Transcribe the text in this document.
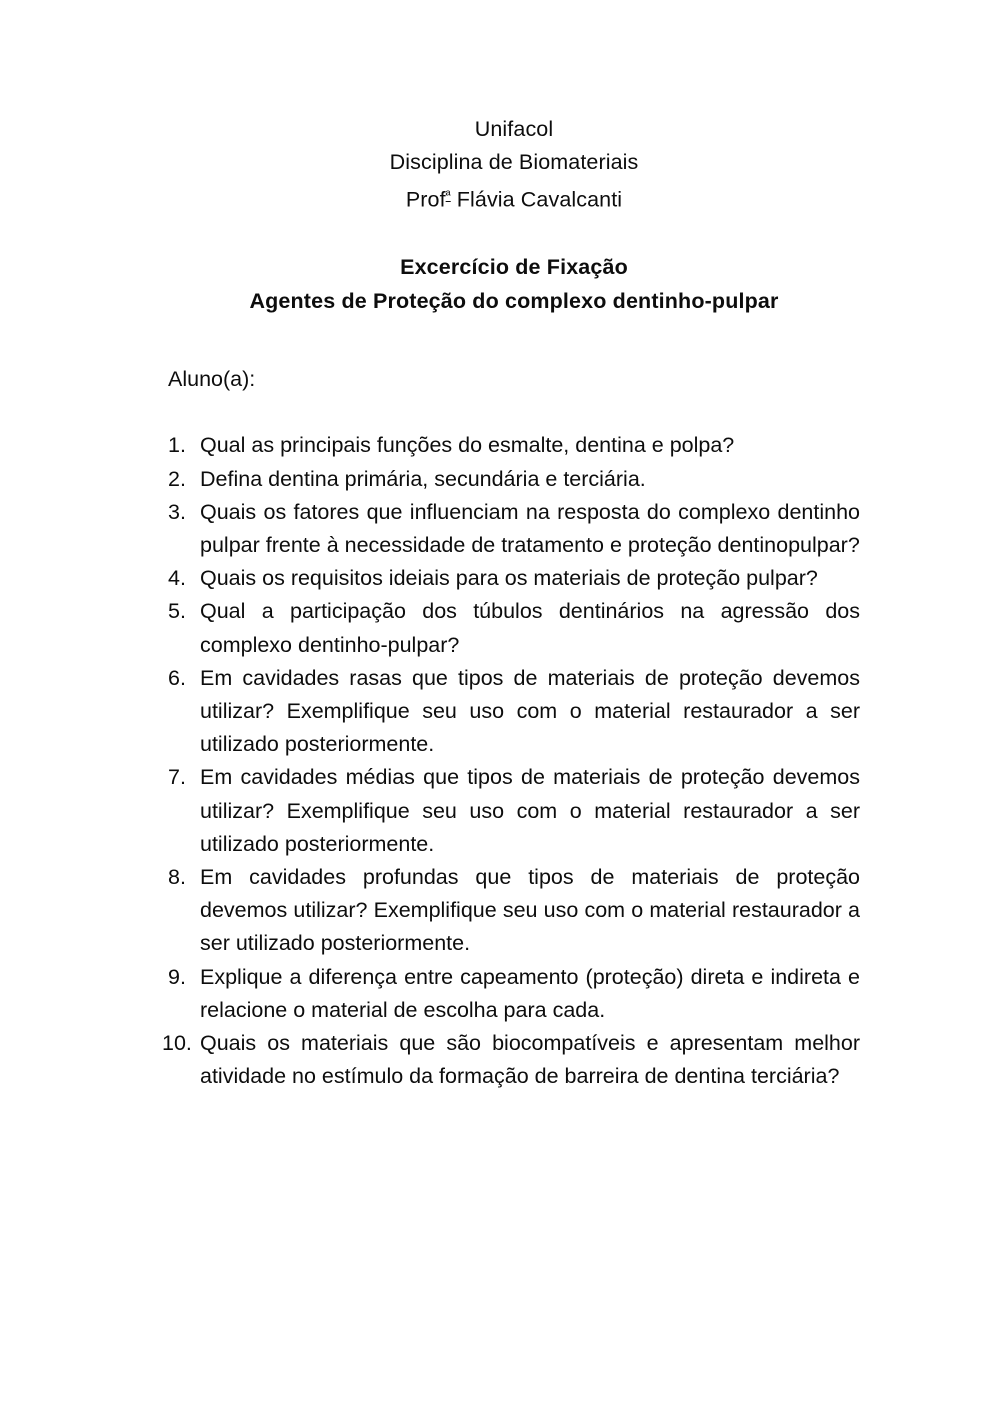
Unifacol
Disciplina de Biomateriais
Prof$^ª$ Flávia Cavalcanti
Excercício de Fixação
Agentes de Proteção do complexo dentinho-pulpar
Aluno(a):
1. Qual as principais funções do esmalte, dentina e polpa?
2. Defina dentina primária, secundária e terciária.
3. Quais os fatores que influenciam na resposta do complexo dentinho pulpar frente à necessidade de tratamento e proteção dentinopulpar?
4. Quais os requisitos ideiais para os materiais de proteção pulpar?
5. Qual a participação dos túbulos dentinários na agressão dos complexo dentinho-pulpar?
6. Em cavidades rasas que tipos de materiais de proteção devemos utilizar? Exemplifique seu uso com o material restaurador a ser utilizado posteriormente.
7. Em cavidades médias que tipos de materiais de proteção devemos utilizar? Exemplifique seu uso com o material restaurador a ser utilizado posteriormente.
8. Em cavidades profundas que tipos de materiais de proteção devemos utilizar? Exemplifique seu uso com o material restaurador a ser utilizado posteriormente.
9. Explique a diferença entre capeamento (proteção) direta e indireta e relacione o material de escolha para cada.
10. Quais os materiais que são biocompatíveis e apresentam melhor atividade no estímulo da formação de barreira de dentina terciária?
